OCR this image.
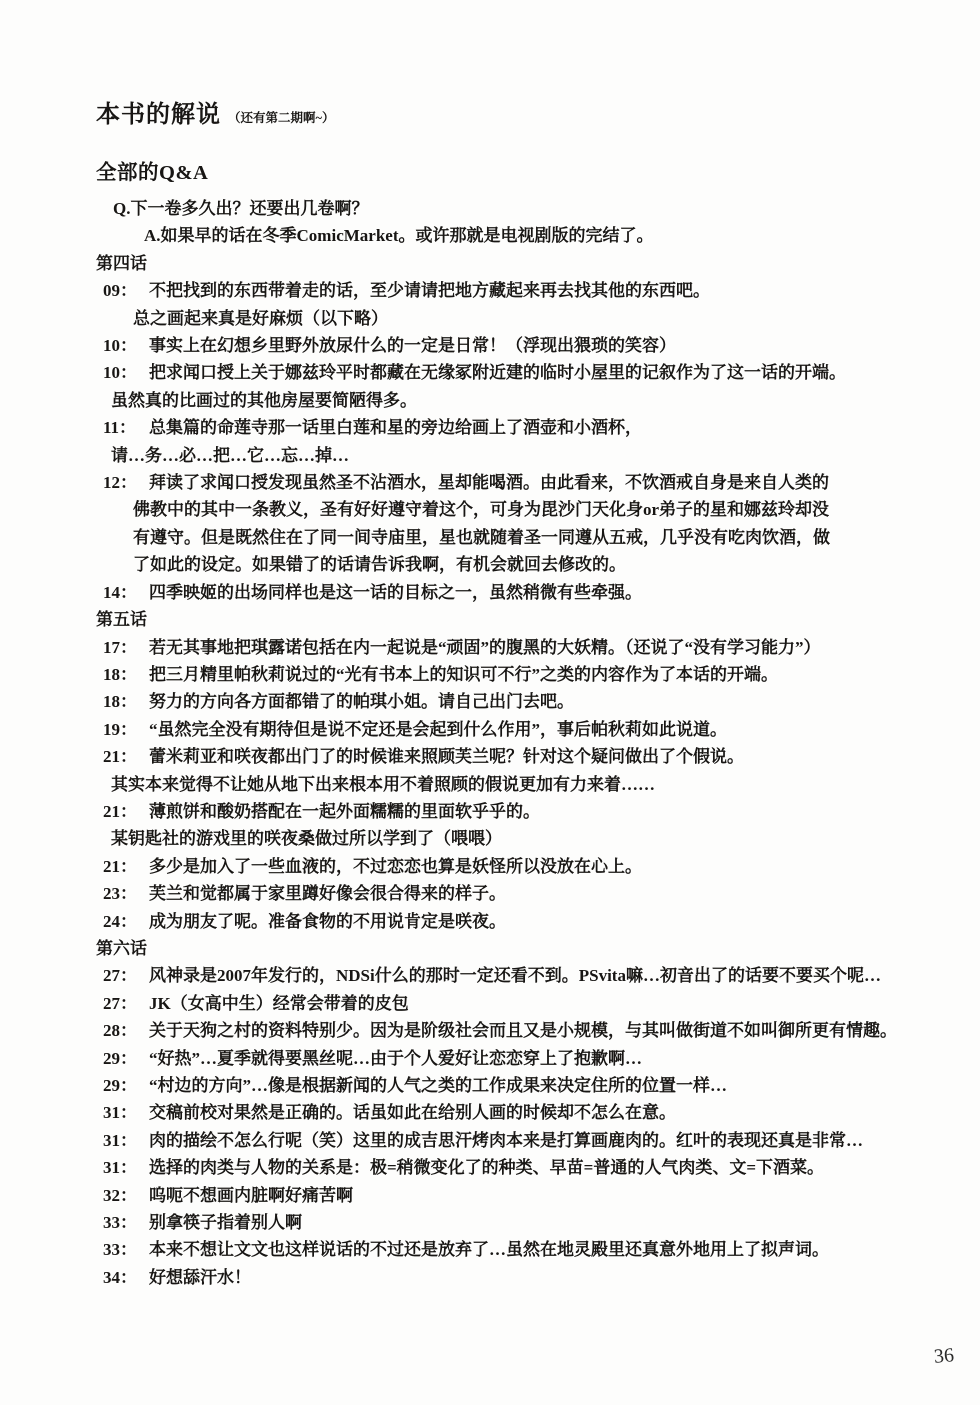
本书的解说 （还有第二期啊~）
全部的Q&A
Q.下一卷多久出？还要出几卷啊？
A.如果早的话在冬季ComicMarket。或许那就是电视剧版的完结了。
第四话
09： 不把找到的东西带着走的话，至少请请把地方藏起来再去找其他的东西吧。
总之画起来真是好麻烦（以下略）
10： 事实上在幻想乡里野外放尿什么的一定是日常！（浮现出猥琐的笑容）
10： 把求闻口授上关于娜兹玲平时都藏在无缘冢附近建的临时小屋里的记叙作为了这一话的开端。
虽然真的比画过的其他房屋要简陋得多。
11： 总集篇的命莲寺那一话里白莲和星的旁边给画上了酒壶和小酒杯，
请…务…必…把…它…忘…掉…
12： 拜读了求闻口授发现虽然圣不沾酒水，星却能喝酒。由此看来，不饮酒戒自身是来自人类的
佛教中的其中一条教义，圣有好好遵守着这个，可身为毘沙门天化身or弟子的星和娜兹玲却没
有遵守。但是既然住在了同一间寺庙里，星也就随着圣一同遵从五戒，几乎没有吃肉饮酒，做
了如此的设定。如果错了的话请告诉我啊，有机会就回去修改的。
14： 四季映姬的出场同样也是这一话的目标之一，虽然稍微有些牵强。
第五话
17： 若无其事地把琪露诺包括在内一起说是“顽固”的腹黑的大妖精。（还说了“没有学习能力”）
18： 把三月精里帕秋莉说过的“光有书本上的知识可不行”之类的内容作为了本话的开端。
18： 努力的方向各方面都错了的帕琪小姐。请自己出门去吧。
19： “虽然完全没有期待但是说不定还是会起到什么作用”，事后帕秋莉如此说道。
21： 蕾米莉亚和咲夜都出门了的时候谁来照顾芙兰呢？针对这个疑问做出了个假说。
其实本来觉得不让她从地下出来根本用不着照顾的假说更加有力来着……
21： 薄煎饼和酸奶搭配在一起外面糯糯的里面软乎乎的。
某钥匙社的游戏里的咲夜桑做过所以学到了（喂喂）
21： 多少是加入了一些血液的，不过恋恋也算是妖怪所以没放在心上。
23： 芙兰和觉都属于家里蹲好像会很合得来的样子。
24： 成为朋友了呢。准备食物的不用说肯定是咲夜。
第六话
27： 风神录是2007年发行的，NDSi什么的那时一定还看不到。PSvita嘛…初音出了的话要不要买个呢…
27： JK（女高中生）经常会带着的皮包
28： 关于天狗之村的资料特别少。因为是阶级社会而且又是小规模，与其叫做街道不如叫御所更有情趣。
29： “好热”…夏季就得要黑丝呢…由于个人爱好让恋恋穿上了抱歉啊…
29： “村边的方向”…像是根据新闻的人气之类的工作成果来决定住所的位置一样…
31： 交稿前校对果然是正确的。话虽如此在给别人画的时候却不怎么在意。
31： 肉的描绘不怎么行呢（笑）这里的成吉思汗烤肉本来是打算画鹿肉的。红叶的表现还真是非常…
31： 选择的肉类与人物的关系是：极=稍微变化了的种类、早苗=普通的人气肉类、文=下酒菜。
32： 呜呃不想画内脏啊好痛苦啊
33： 别拿筷子指着别人啊
33： 本来不想让文文也这样说话的不过还是放弃了…虽然在地灵殿里还真意外地用上了拟声词。
34： 好想舔汗水！
36
